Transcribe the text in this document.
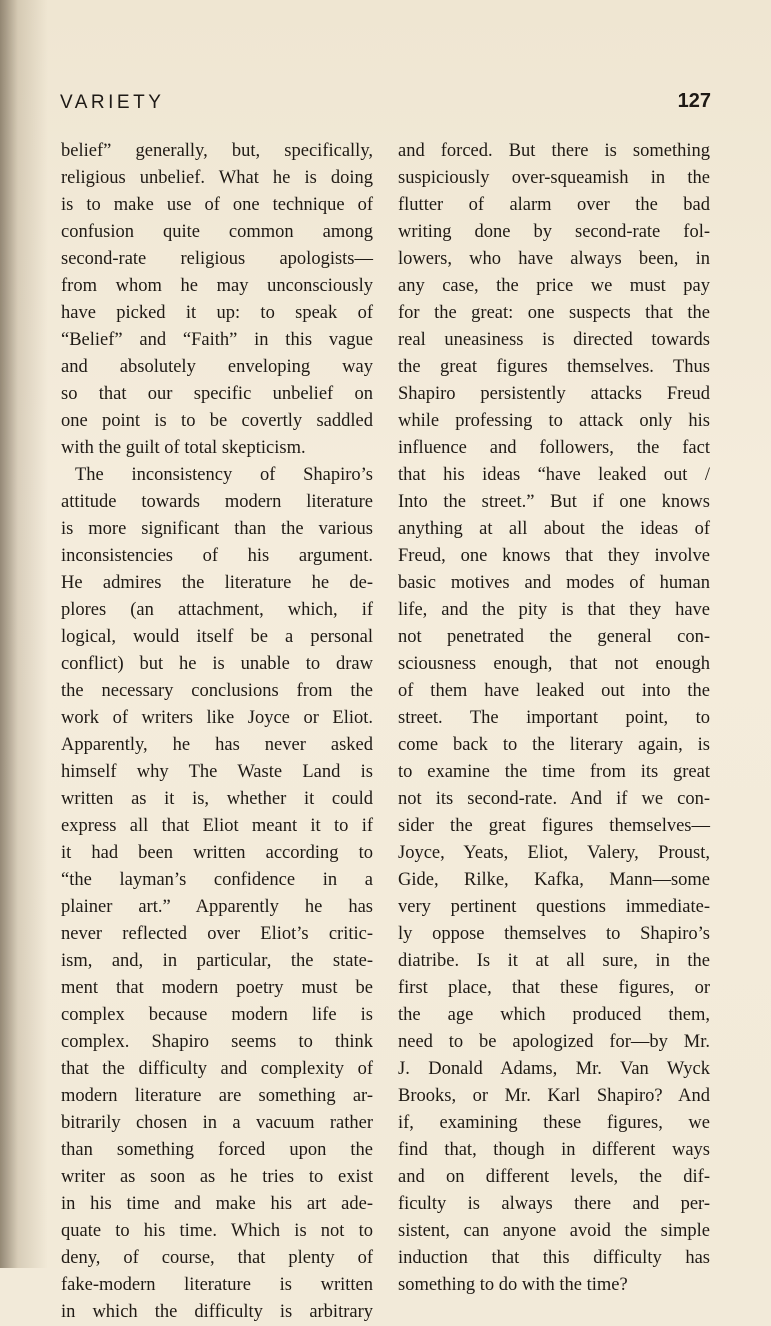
VARIETY	127
belief” generally, but, specifically,
religious unbelief. What he is doing
is to make use of one technique of
confusion quite common among
second-rate religious apologists—
from whom he may unconsciously
have picked it up: to speak of
“Belief” and “Faith” in this vague
and absolutely enveloping way
so that our specific unbelief on
one point is to be covertly saddled
with the guilt of total skepticism.
The inconsistency of Shapiro’s
attitude towards modern literature
is more significant than the various
inconsistencies of his argument.
He admires the literature he de-
plores (an attachment, which, if
logical, would itself be a personal
conflict) but he is unable to draw
the necessary conclusions from the
work of writers like Joyce or Eliot.
Apparently, he has never asked
himself why The Waste Land is
written as it is, whether it could
express all that Eliot meant it to if
it had been written according to
“the layman’s confidence in a
plainer art.” Apparently he has
never reflected over Eliot’s critic-
ism, and, in particular, the state-
ment that modern poetry must be
complex because modern life is
complex. Shapiro seems to think
that the difficulty and complexity of
modern literature are something ar-
bitrarily chosen in a vacuum rather
than something forced upon the
writer as soon as he tries to exist
in his time and make his art ade-
quate to his time. Which is not to
deny, of course, that plenty of
fake-modern literature is written
in which the difficulty is arbitrary
and forced. But there is something
suspiciously over-squeamish in the
flutter of alarm over the bad
writing done by second-rate fol-
lowers, who have always been, in
any case, the price we must pay
for the great: one suspects that the
real uneasiness is directed towards
the great figures themselves. Thus
Shapiro persistently attacks Freud
while professing to attack only his
influence and followers, the fact
that his ideas “have leaked out /
Into the street.” But if one knows
anything at all about the ideas of
Freud, one knows that they involve
basic motives and modes of human
life, and the pity is that they have
not penetrated the general con-
sciousness enough, that not enough
of them have leaked out into the
street. The important point, to
come back to the literary again, is
to examine the time from its great
not its second-rate. And if we con-
sider the great figures themselves—
Joyce, Yeats, Eliot, Valery, Proust,
Gide, Rilke, Kafka, Mann—some
very pertinent questions immediate-
ly oppose themselves to Shapiro’s
diatribe. Is it at all sure, in the
first place, that these figures, or
the age which produced them,
need to be apologized for—by Mr.
J. Donald Adams, Mr. Van Wyck
Brooks, or Mr. Karl Shapiro? And
if, examining these figures, we
find that, though in different ways
and on different levels, the dif-
ficulty is always there and per-
sistent, can anyone avoid the simple
induction that this difficulty has
something to do with the time?
